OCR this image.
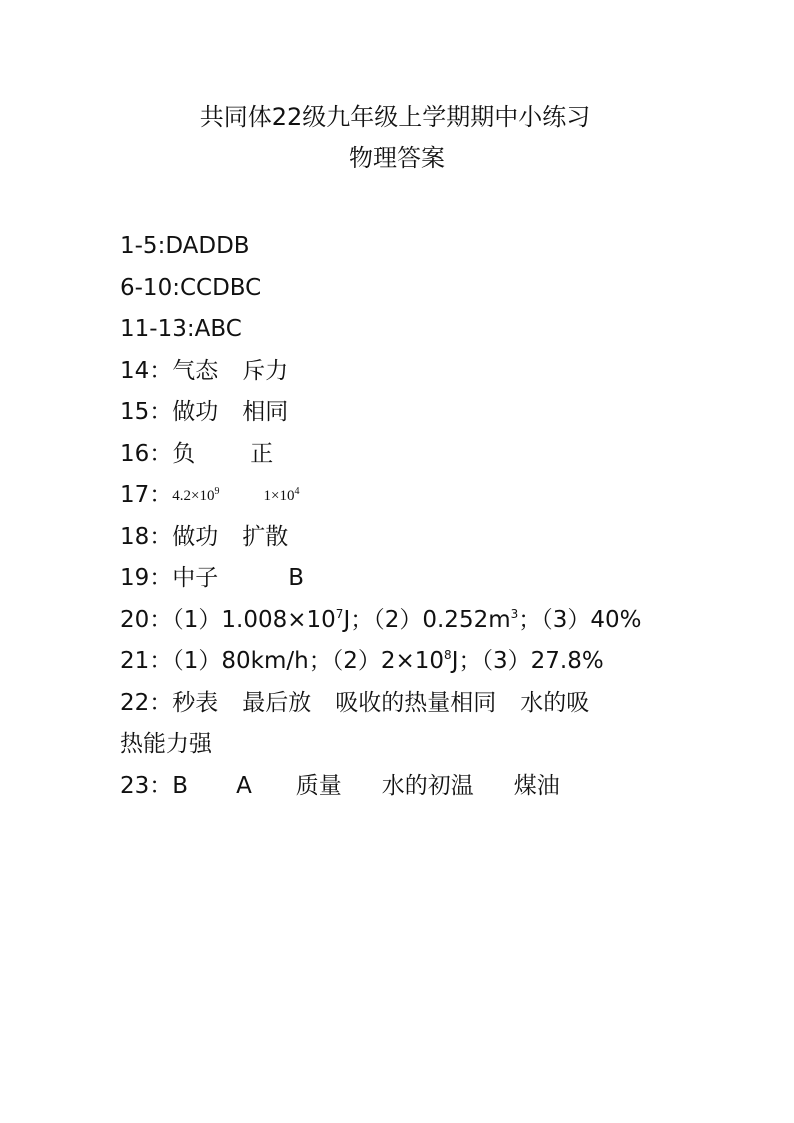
共同体22级九年级上学期期中小练习
物理答案
1-5:DADDB
6-10:CCDBC
11-13:ABC
14：气态 斥力
15：做功 相同
16：负 正
17：$4.2\times 10^9$	$1\times 10^4$
18：做功 扩散
19：中子	B
20：$(1)1.008\times 10^7J$；$(2)0.252m^3$；（3）40%
21：（1）80km/h；$(2)2\times 10^8J$；（3）27.8%
22：秒表 最后放 吸收的热量相同 水的吸
热能力强
23：B A 质量 水的初温 煤油
